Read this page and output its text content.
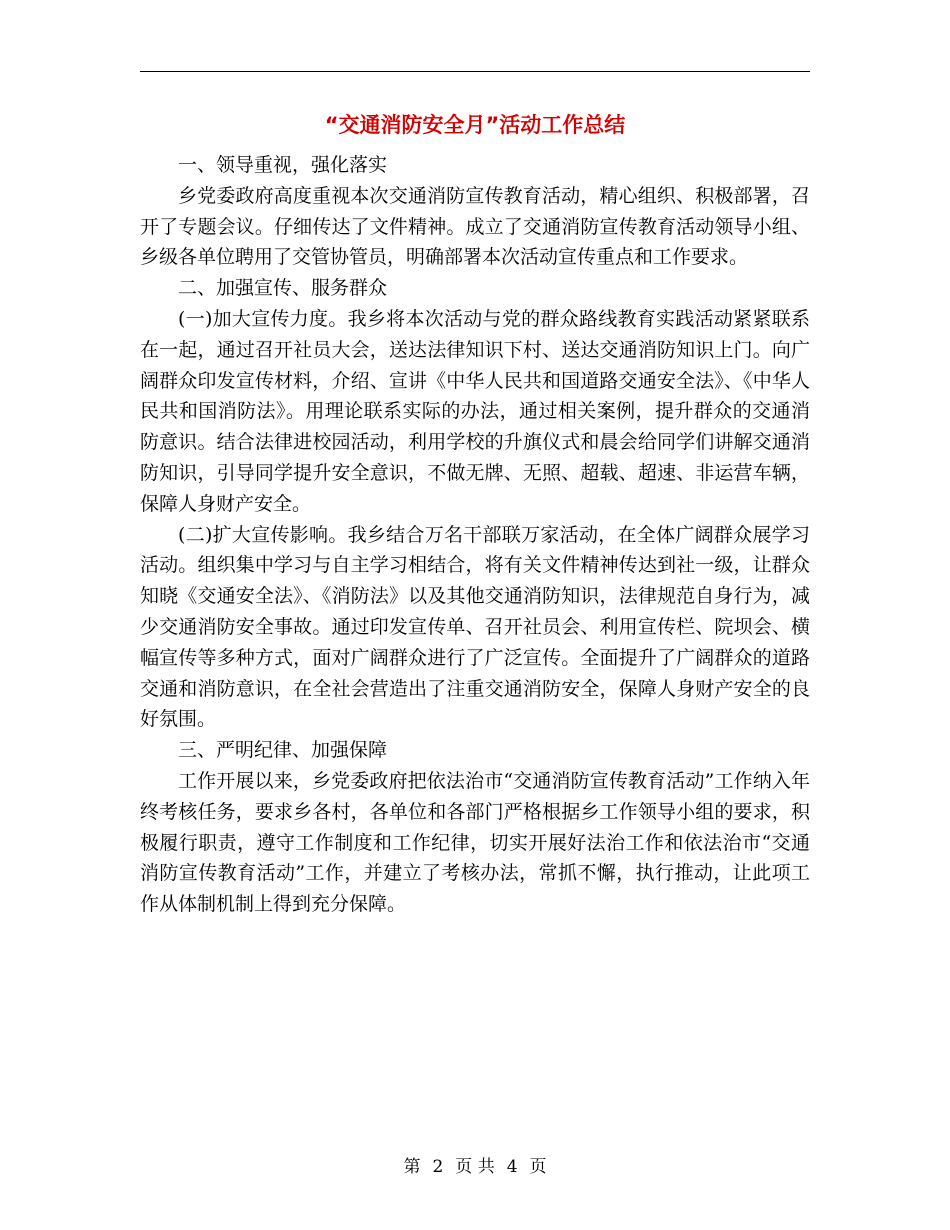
“交通消防安全月”活动工作总结

一、领导重视，强化落实

乡党委政府高度重视本次交通消防宣传教育活动，精心组织、积极部署，召开了专题会议。仔细传达了文件精神。成立了交通消防宣传教育活动领导小组、乡级各单位聘用了交管协管员，明确部署本次活动宣传重点和工作要求。

二、加强宣传、服务群众

(一)加大宣传力度。我乡将本次活动与党的群众路线教育实践活动紧紧联系在一起，通过召开社员大会，送达法律知识下村、送达交通消防知识上门。向广阔群众印发宣传材料，介绍、宣讲《中华人民共和国道路交通安全法》、《中华人民共和国消防法》。用理论联系实际的办法，通过相关案例，提升群众的交通消防意识。结合法律进校园活动，利用学校的升旗仪式和晨会给同学们讲解交通消防知识，引导同学提升安全意识，不做无牌、无照、超载、超速、非运营车辆，保障人身财产安全。

(二)扩大宣传影响。我乡结合万名干部联万家活动，在全体广阔群众展学习活动。组织集中学习与自主学习相结合，将有关文件精神传达到社一级，让群众知晓《交通安全法》、《消防法》以及其他交通消防知识，法律规范自身行为，减少交通消防安全事故。通过印发宣传单、召开社员会、利用宣传栏、院坝会、横幅宣传等多种方式，面对广阔群众进行了广泛宣传。全面提升了广阔群众的道路交通和消防意识，在全社会营造出了注重交通消防安全，保障人身财产安全的良好氛围。

三、严明纪律、加强保障

工作开展以来，乡党委政府把依法治市“交通消防宣传教育活动”工作纳入年终考核任务，要求乡各村，各单位和各部门严格根据乡工作领导小组的要求，积极履行职责，遵守工作制度和工作纪律，切实开展好法治工作和依法治市“交通消防宣传教育活动”工作，并建立了考核办法，常抓不懈，执行推动，让此项工作从体制机制上得到充分保障。

第 2 页 共 4 页
